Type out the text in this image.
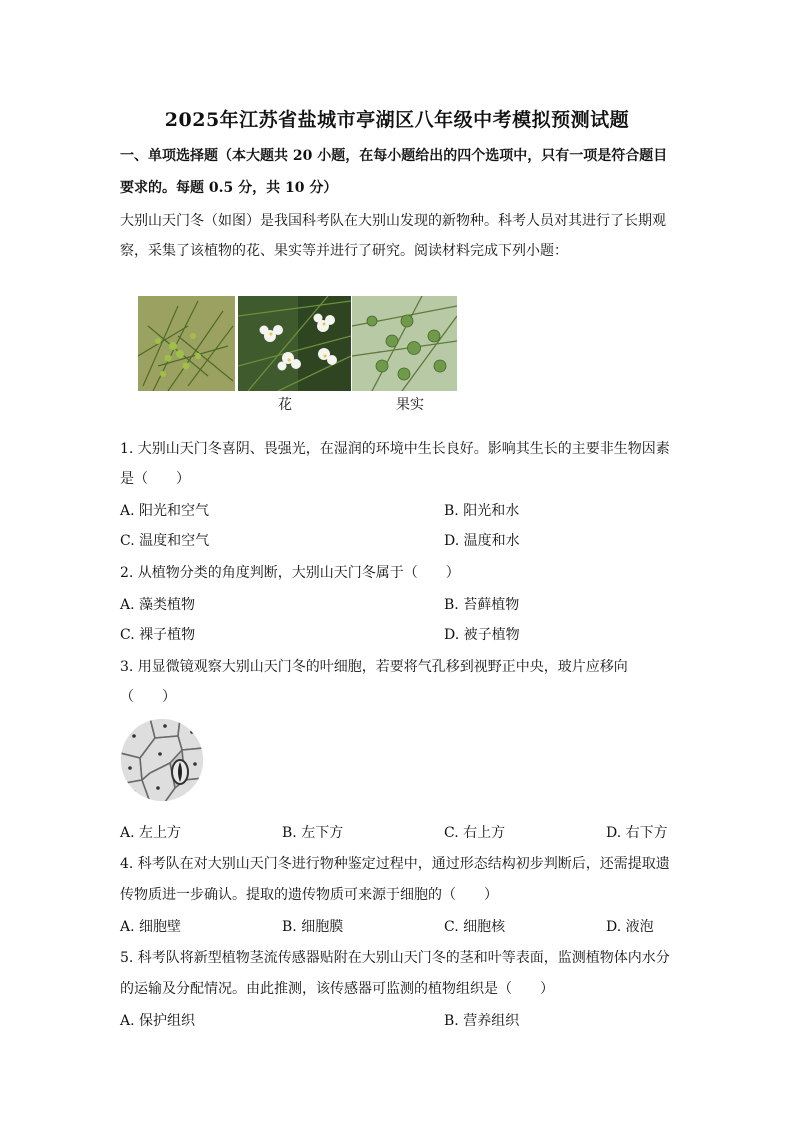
2025年江苏省盐城市亭湖区八年级中考模拟预测试题
一、单项选择题（本大题共 20 小题，在每小题给出的四个选项中，只有一项是符合题目
要求的。每题 0.5 分，共 10 分）
大别山天门冬（如图）是我国科考队在大别山发现的新物种。科考人员对其进行了长期观
察，采集了该植物的花、果实等并进行了研究。阅读材料完成下列小题：
花	果实
1. 大别山天门冬喜阴、畏强光，在湿润的环境中生长良好。影响其生长的主要非生物因素
是（　　）
A. 阳光和空气	B. 阳光和水
C. 温度和空气	D. 温度和水
2. 从植物分类的角度判断，大别山天门冬属于（　　）
A. 藻类植物	B. 苔藓植物
C. 裸子植物	D. 被子植物
3. 用显微镜观察大别山天门冬的叶细胞，若要将气孔移到视野正中央，玻片应移向
（　　）
A. 左上方	B. 左下方	C. 右上方	D. 右下方
4. 科考队在对大别山天门冬进行物种鉴定过程中，通过形态结构初步判断后，还需提取遗
传物质进一步确认。提取的遗传物质可来源于细胞的（　　）
A. 细胞壁	B. 细胞膜	C. 细胞核	D. 液泡
5. 科考队将新型植物茎流传感器贴附在大别山天门冬的茎和叶等表面，监测植物体内水分
的运输及分配情况。由此推测，该传感器可监测的植物组织是（　　）
A. 保护组织	B. 营养组织
